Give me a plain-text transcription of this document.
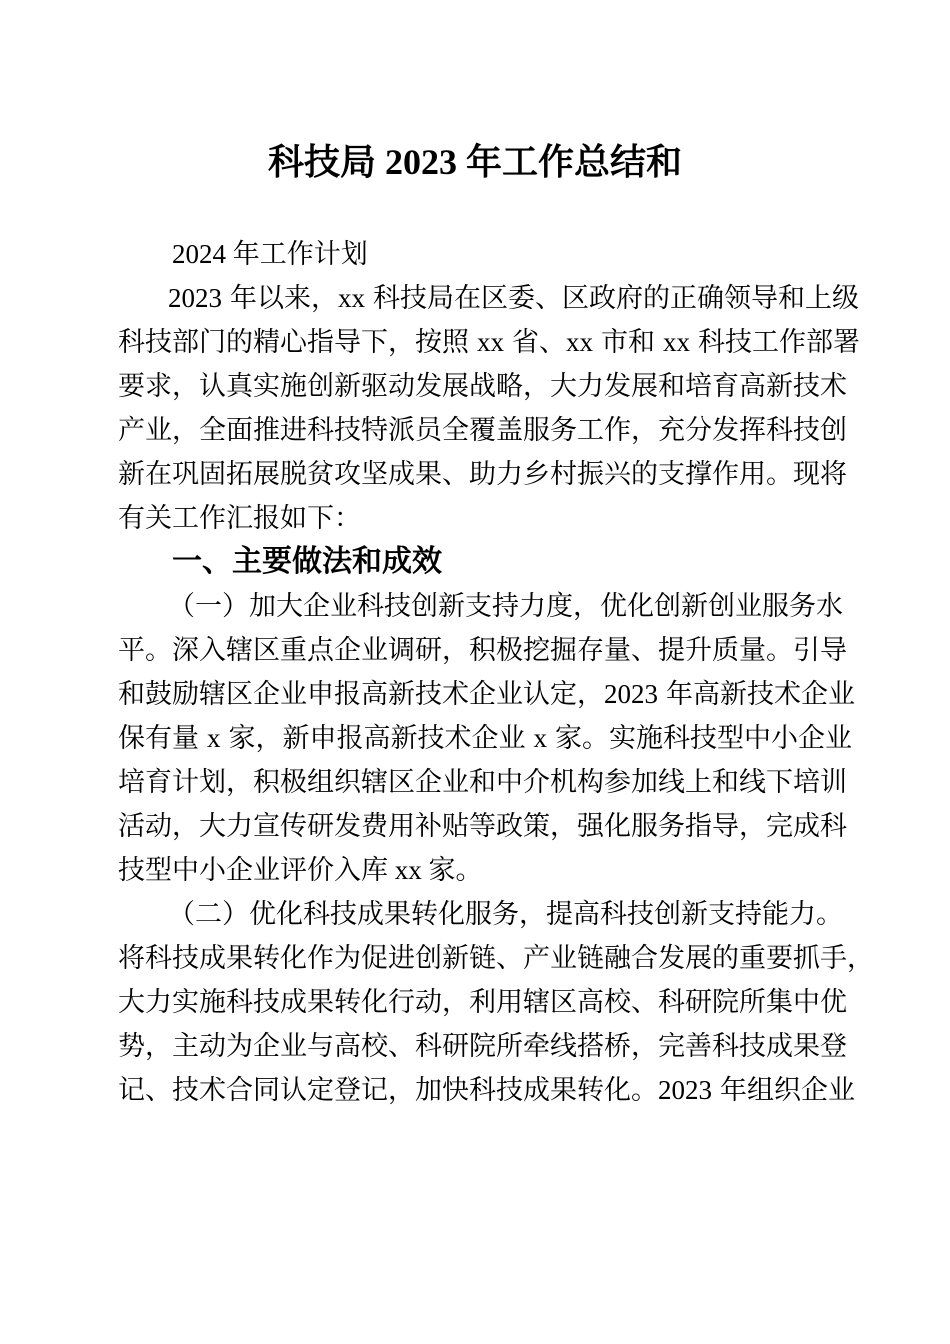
科技局 2023 年工作总结和
2024 年工作计划
2 0 2 3
年 以 来 ， x x
科 技 局 在 区 委 、 区 政 府 的 正 确 领 导 和 上 级
科 技 部 门 的 精 心 指 导 下 ， 按 照
x x
省 、 x x
市 和
x x
科 技 工 作 部 署
要 求 ， 认 真 实 施 创 新 驱 动 发 展 战 略 ， 大 力 发 展 和 培 育 高 新 技 术
产 业 ， 全 面 推 进 科 技 特 派 员 全 覆 盖 服 务 工 作 ， 充 分 发 挥 科 技 创
新 在 巩 固 拓 展 脱 贫 攻 坚 成 果 、 助 力 乡 村 振 兴 的 支 撑 作 用 。 现 将
有关工作汇报如下：
一、主要做法和成效
（ 一 ） 加 大 企 业 科 技 创 新 支 持 力 度 ， 优 化 创 新 创 业 服 务 水
平 。 深 入 辖 区 重 点 企 业 调 研 ， 积 极 挖 掘 存 量 、 提 升 质 量 。 引 导
和 鼓 励 辖 区 企 业 申 报 高 新 技 术 企 业 认 定 ， 2 0 2 3
年 高 新 技 术 企 业
保 有 量
x
家 ， 新 申 报 高 新 技 术 企 业
x
家 。 实 施 科 技 型 中 小 企 业
培 育 计 划 ， 积 极 组 织 辖 区 企 业 和 中 介 机 构 参 加 线 上 和 线 下 培 训
活 动 ， 大 力 宣 传 研 发 费 用 补 贴 等 政 策 ， 强 化 服 务 指 导 ， 完 成 科
技型中小企业评价入库 xx 家。
（ 二 ） 优 化 科 技 成 果 转 化 服 务 ， 提 高 科 技 创 新 支 持 能 力 。
将 科 技 成 果 转 化 作 为 促 进 创 新 链 、 产 业 链 融 合 发 展 的 重 要 抓 手 ，
大 力 实 施 科 技 成 果 转 化 行 动 ， 利 用 辖 区 高 校 、 科 研 院 所 集 中 优
势 ， 主 动 为 企 业 与 高 校 、 科 研 院 所 牵 线 搭 桥 ， 完 善 科 技 成 果 登
记 、 技 术 合 同 认 定 登 记 ， 加 快 科 技 成 果 转 化 。 2 0 2 3
年 组 织 企 业
